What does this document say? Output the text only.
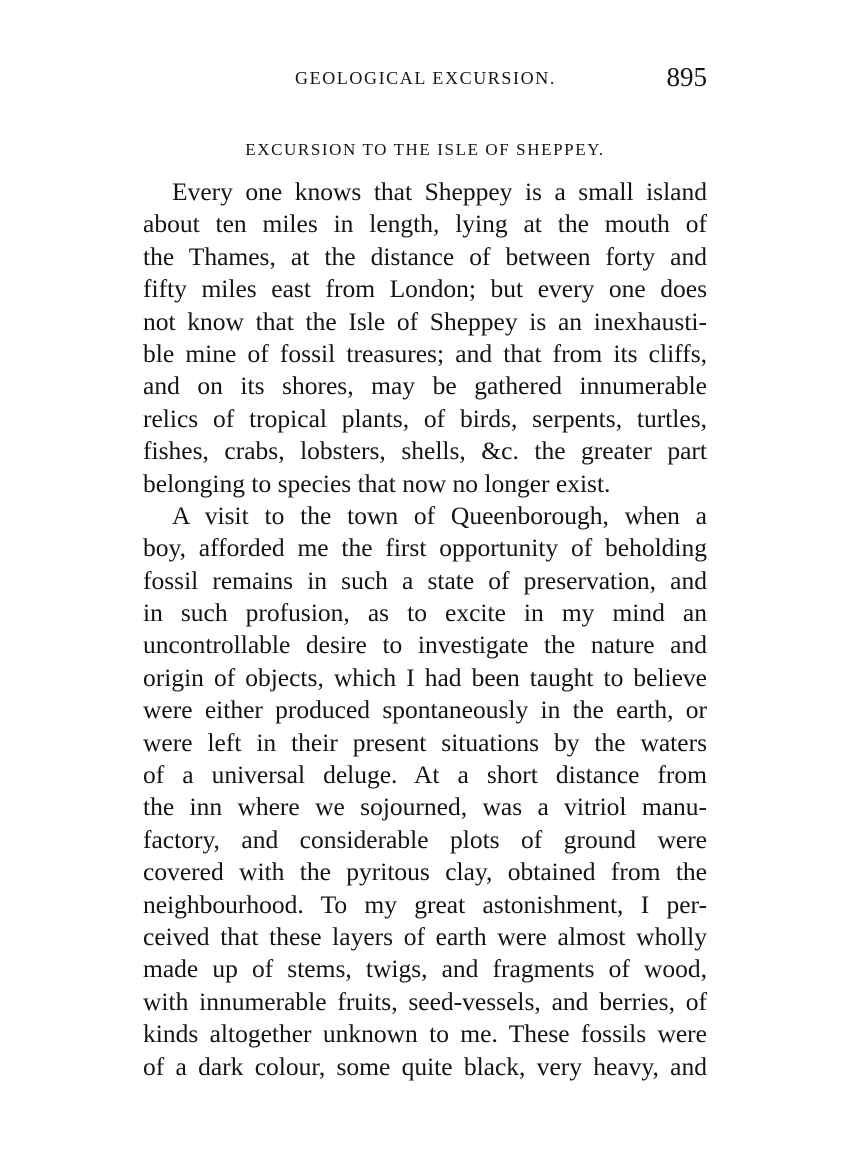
GEOLOGICAL EXCURSION.	895
EXCURSION TO THE ISLE OF SHEPPEY.
Every one knows that Sheppey is a small island
about ten miles in length, lying at the mouth of
the Thames, at the distance of between forty and
fifty miles east from London; but every one does
not know that the Isle of Sheppey is an inexhausti-
ble mine of fossil treasures; and that from its cliffs,
and on its shores, may be gathered innumerable
relics of tropical plants, of birds, serpents, turtles,
fishes, crabs, lobsters, shells, &c. the greater part
belonging to species that now no longer exist.
A visit to the town of Queenborough, when a
boy, afforded me the first opportunity of beholding
fossil remains in such a state of preservation, and
in such profusion, as to excite in my mind an
uncontrollable desire to investigate the nature and
origin of objects, which I had been taught to believe
were either produced spontaneously in the earth, or
were left in their present situations by the waters
of a universal deluge. At a short distance from
the inn where we sojourned, was a vitriol manu-
factory, and considerable plots of ground were
covered with the pyritous clay, obtained from the
neighbourhood. To my great astonishment, I per-
ceived that these layers of earth were almost wholly
made up of stems, twigs, and fragments of wood,
with innumerable fruits, seed-vessels, and berries, of
kinds altogether unknown to me. These fossils were
of a dark colour, some quite black, very heavy, and
